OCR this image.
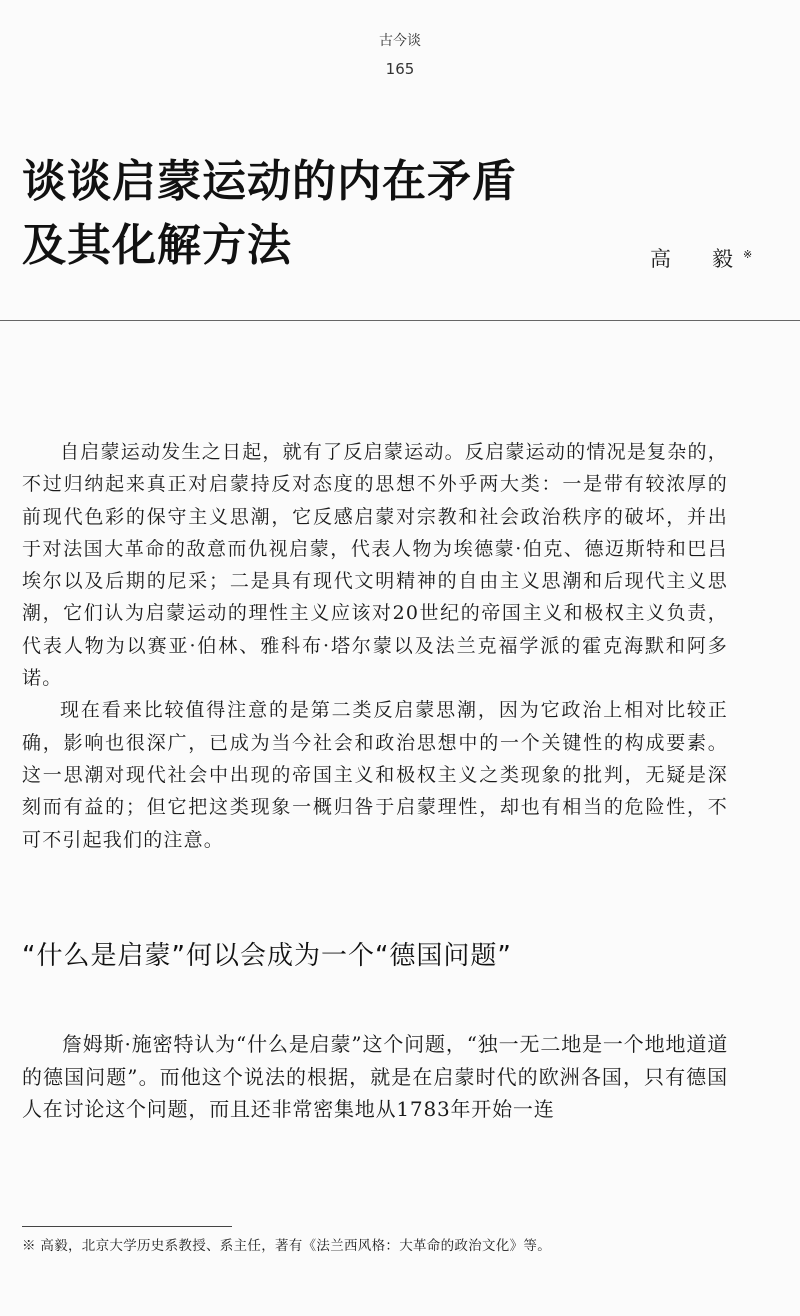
古今谈
165
谈谈启蒙运动的内在矛盾
及其化解方法	高　毅※

自启蒙运动发生之日起，就有了反启蒙运动。反启蒙运动的情况是复杂的，不过归纳起来真正对启蒙持反对态度的思想不外乎两大类：一是带有较浓厚的前现代色彩的保守主义思潮，它反感启蒙对宗教和社会政治秩序的破坏，并出于对法国大革命的敌意而仇视启蒙，代表人物为埃德蒙·伯克、德迈斯特和巴吕埃尔以及后期的尼采；二是具有现代文明精神的自由主义思潮和后现代主义思潮，它们认为启蒙运动的理性主义应该对20世纪的帝国主义和极权主义负责，代表人物为以赛亚·伯林、雅科布·塔尔蒙以及法兰克福学派的霍克海默和阿多诺。

现在看来比较值得注意的是第二类反启蒙思潮，因为它政治上相对比较正确，影响也很深广，已成为当今社会和政治思想中的一个关键性的构成要素。这一思潮对现代社会中出现的帝国主义和极权主义之类现象的批判，无疑是深刻而有益的；但它把这类现象一概归咎于启蒙理性，却也有相当的危险性，不可不引起我们的注意。

“什么是启蒙”何以会成为一个“德国问题”

詹姆斯·施密特认为“什么是启蒙”这个问题，“独一无二地是一个地地道道的德国问题”。而他这个说法的根据，就是在启蒙时代的欧洲各国，只有德国人在讨论这个问题，而且还非常密集地从1783年开始一连

※ 高毅，北京大学历史系教授、系主任，著有《法兰西风格：大革命的政治文化》等。
